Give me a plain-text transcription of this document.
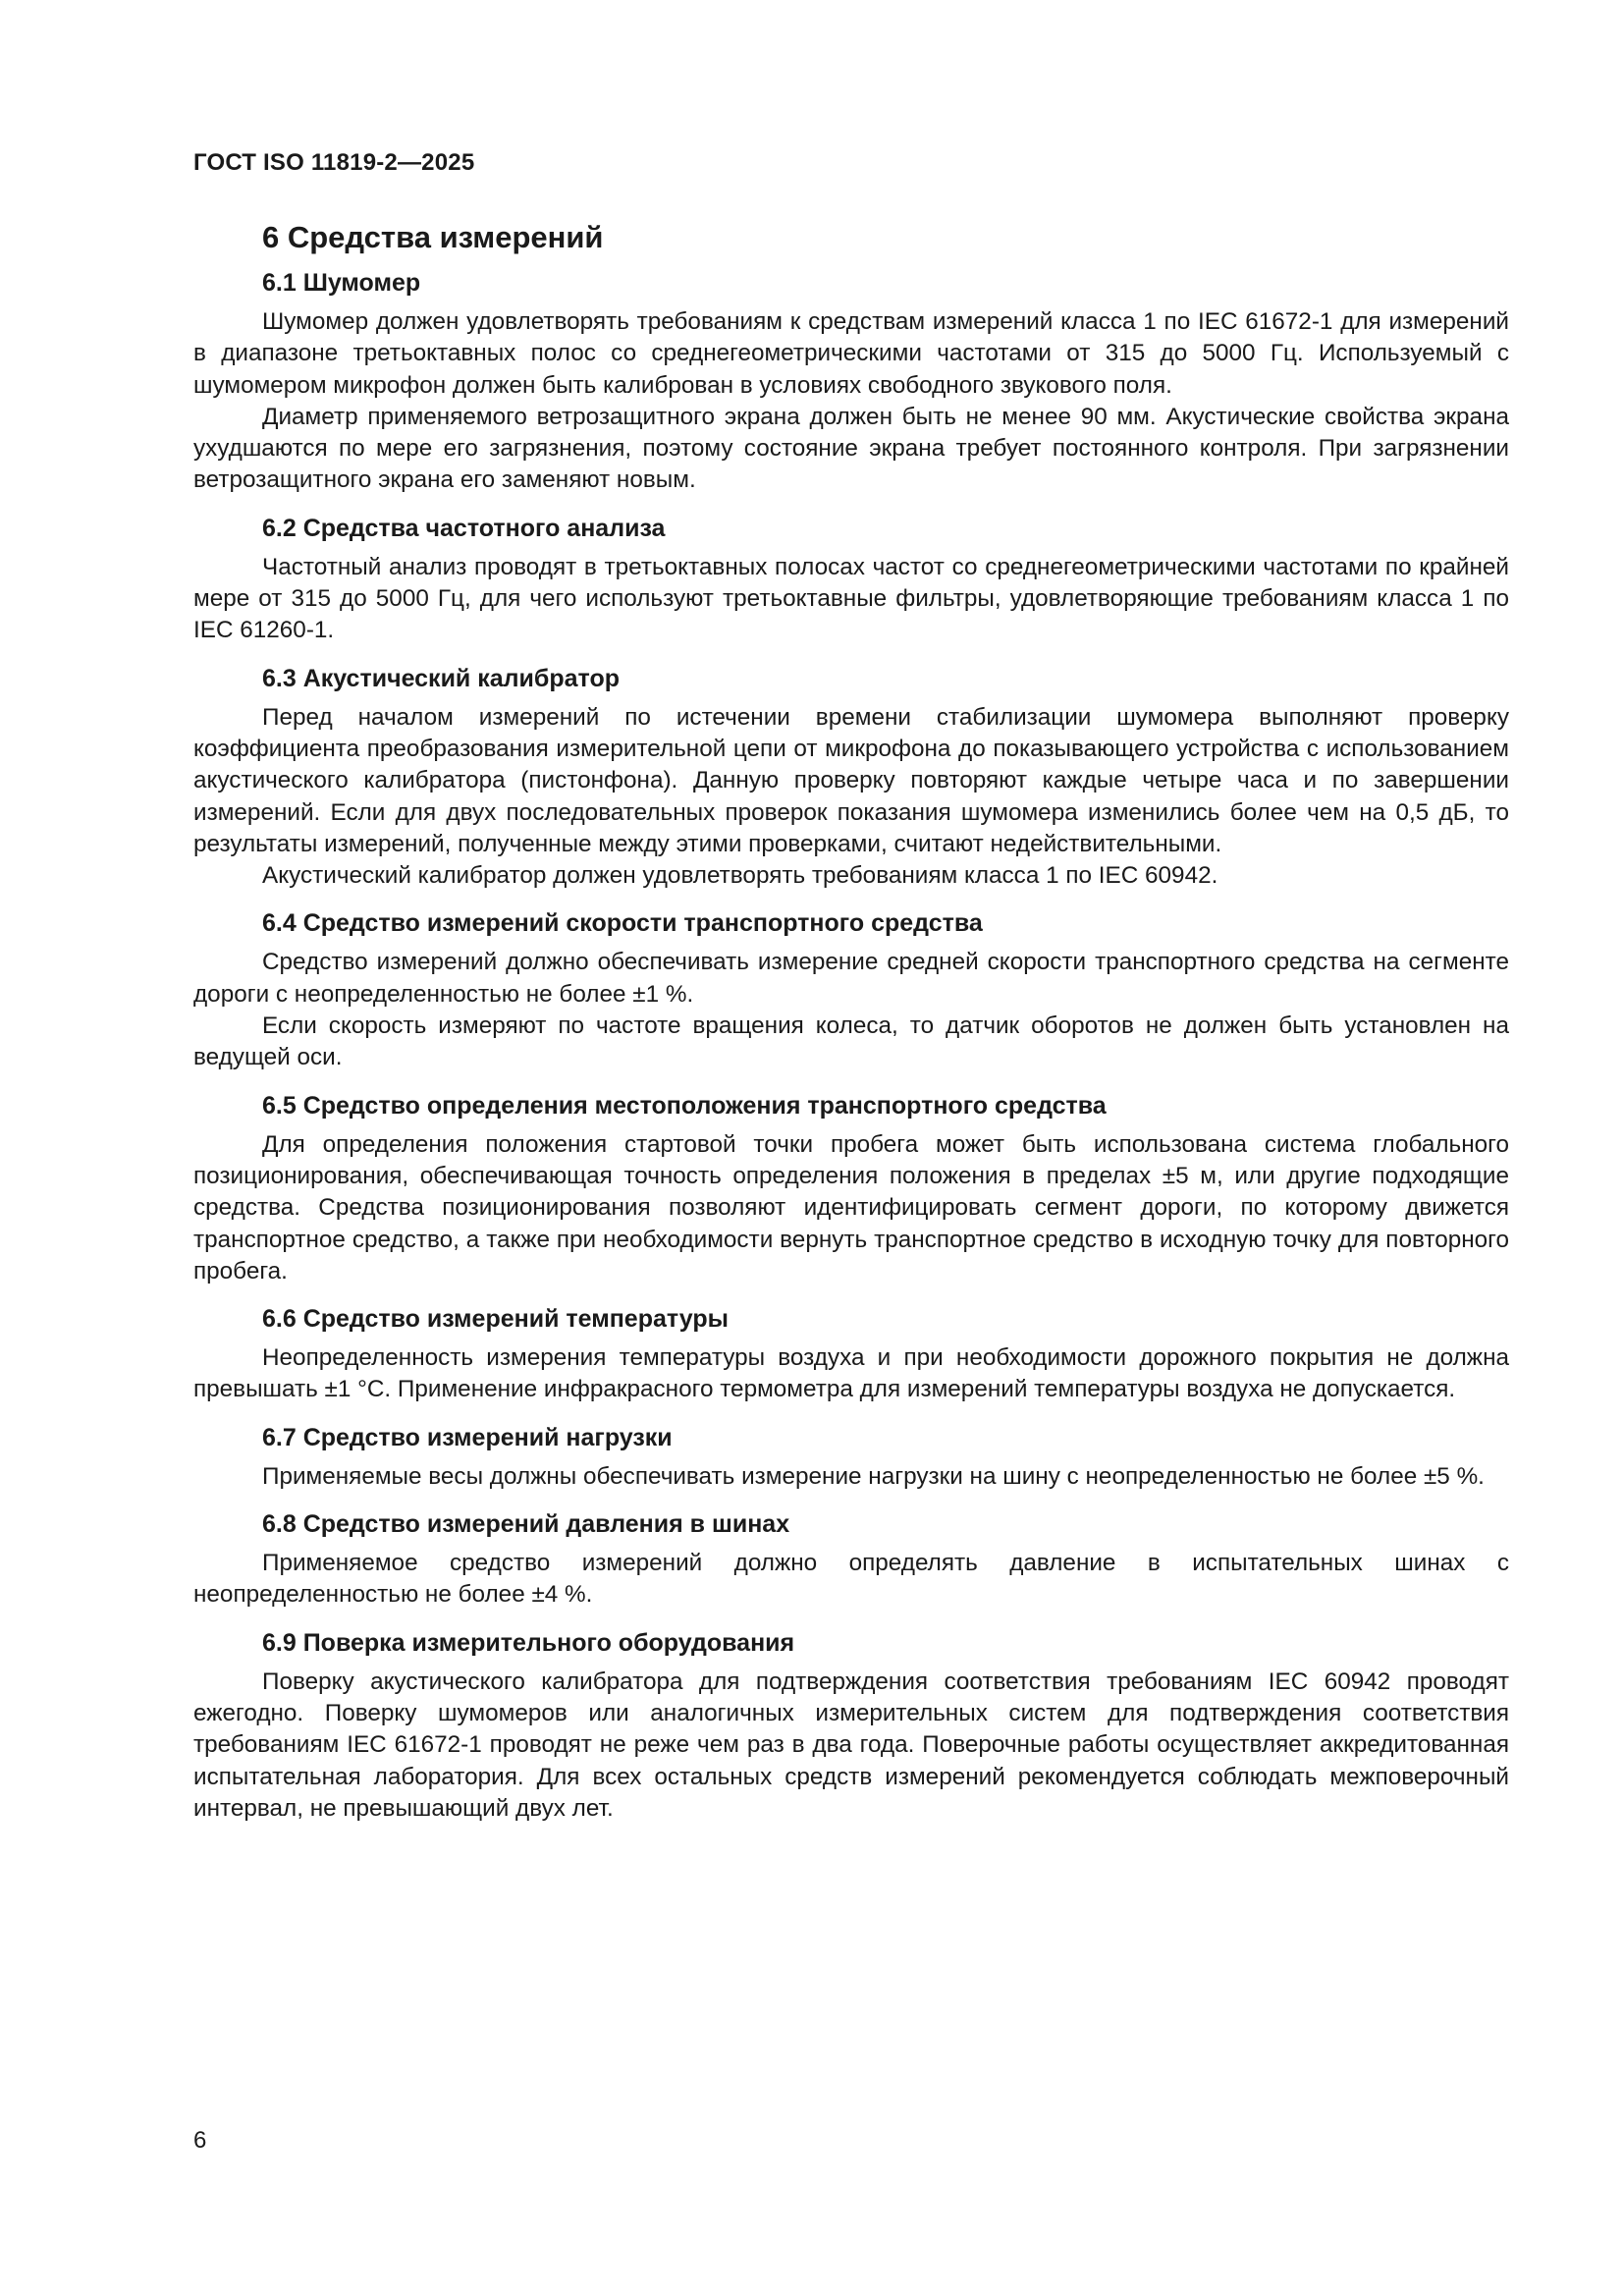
ГОСТ ISO 11819-2—2025
6 Средства измерений
6.1 Шумомер

Шумомер должен удовлетворять требованиям к средствам измерений класса 1 по IEC 61672-1 для измерений в диапазоне третьоктавных полос со среднегеометрическими частотами от 315 до 5000 Гц. Используемый с шумомером микрофон должен быть калиброван в условиях свободного звукового поля.

Диаметр применяемого ветрозащитного экрана должен быть не менее 90 мм. Акустические свойства экрана ухудшаются по мере его загрязнения, поэтому состояние экрана требует постоянного контроля. При загрязнении ветрозащитного экрана его заменяют новым.

6.2 Средства частотного анализа

Частотный анализ проводят в третьоктавных полосах частот со среднегеометрическими частотами по крайней мере от 315 до 5000 Гц, для чего используют третьоктавные фильтры, удовлетворяющие требованиям класса 1 по IEC 61260-1.

6.3 Акустический калибратор

Перед началом измерений по истечении времени стабилизации шумомера выполняют проверку коэффициента преобразования измерительной цепи от микрофона до показывающего устройства с использованием акустического калибратора (пистонфона). Данную проверку повторяют каждые четыре часа и по завершении измерений. Если для двух последовательных проверок показания шумомера изменились более чем на 0,5 дБ, то результаты измерений, полученные между этими проверками, считают недействительными.

Акустический калибратор должен удовлетворять требованиям класса 1 по IEC 60942.

6.4 Средство измерений скорости транспортного средства

Средство измерений должно обеспечивать измерение средней скорости транспортного средства на сегменте дороги с неопределенностью не более ±1 %.

Если скорость измеряют по частоте вращения колеса, то датчик оборотов не должен быть установлен на ведущей оси.

6.5 Средство определения местоположения транспортного средства

Для определения положения стартовой точки пробега может быть использована система глобального позиционирования, обеспечивающая точность определения положения в пределах ±5 м, или другие подходящие средства. Средства позиционирования позволяют идентифицировать сегмент дороги, по которому движется транспортное средство, а также при необходимости вернуть транспортное средство в исходную точку для повторного пробега.

6.6 Средство измерений температуры

Неопределенность измерения температуры воздуха и при необходимости дорожного покрытия не должна превышать ±1 °С. Применение инфракрасного термометра для измерений температуры воздуха не допускается.

6.7 Средство измерений нагрузки

Применяемые весы должны обеспечивать измерение нагрузки на шину с неопределенностью не более ±5 %.

6.8 Средство измерений давления в шинах

Применяемое средство измерений должно определять давление в испытательных шинах с неопределенностью не более ±4 %.

6.9 Поверка измерительного оборудования

Поверку акустического калибратора для подтверждения соответствия требованиям IEC 60942 проводят ежегодно. Поверку шумомеров или аналогичных измерительных систем для подтверждения соответствия требованиям IEC 61672-1 проводят не реже чем раз в два года. Поверочные работы осуществляет аккредитованная испытательная лаборатория. Для всех остальных средств измерений рекомендуется соблюдать межповерочный интервал, не превышающий двух лет.

6
